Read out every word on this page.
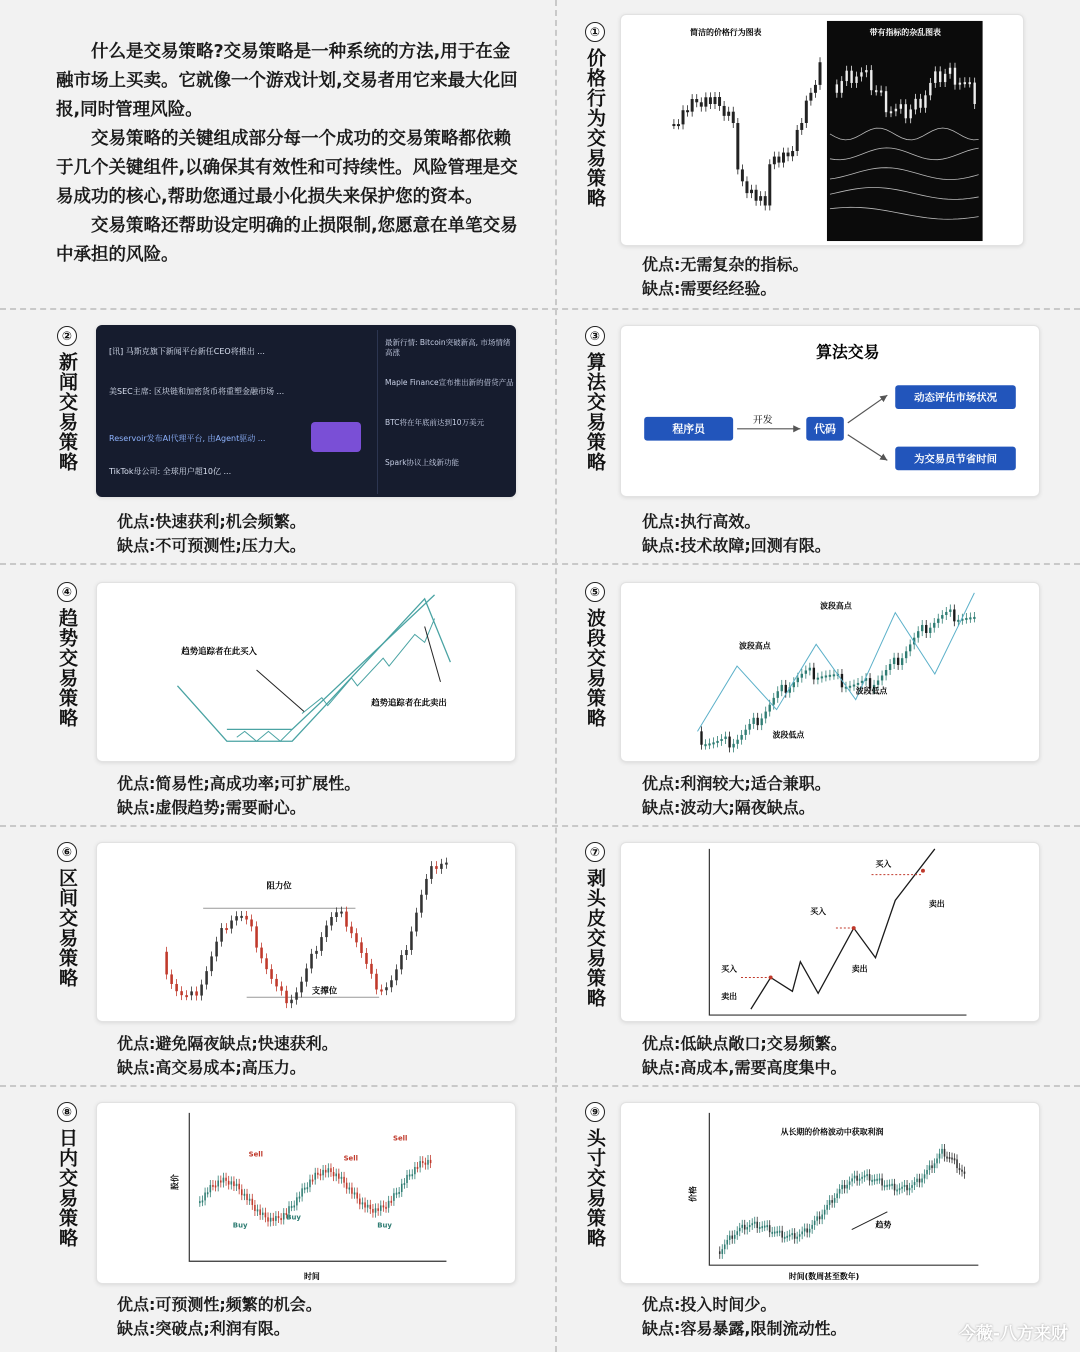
什么是交易策略?交易策略是一种系统的方法,用于在金融市场上买卖。它就像一个游戏计划,交易者用它来最大化回报,同时管理风险。

交易策略的关键组成部分每一个成功的交易策略都依赖于几个关键组件,以确保其有效性和可持续性。风险管理是交易成功的核心,帮助您通过最小化损失来保护您的资本。

交易策略还帮助设定明确的止损限制,您愿意在单笔交易中承担的风险。

①
价格行为交易策略
简洁的价格行为图表	带有指标的杂乱图表
优点:无需复杂的指标。
缺点:需要经经验。
②
新闻交易策略
[讯] 马斯克旗下新闻平台新任CEO将推出 ...
美SEC主席: 区块链和加密货币将重塑金融市场 ...
Reservoir发布AI代理平台, 由Agent驱动 ...
TikTok母公司: 全球用户超10亿 ...
最新行情: Bitcoin突破新高, 市场情绪高涨
Maple Finance宣布推出新的借贷产品
BTC将在年底前达到10万美元
Spark协议上线新功能
优点:快速获利;机会频繁。
缺点:不可预测性;压力大。
③
算法交易策略	算法交易
程序员
开发
代码
动态评估市场状况
为交易员节省时间
优点:执行高效。
缺点:技术故障;回测有限。
④
趋势交易策略	趋势追踪者在此买入
趋势追踪者在此卖出
优点:简易性;高成功率;可扩展性。
缺点:虚假趋势;需要耐心。
⑤
波段交易策略	波段高点
波段高点
波段低点
波段低点
优点:利润较大;适合兼职。
缺点:波动大;隔夜缺点。
⑥
区间交易策略	阻力位
支撑位
优点:避免隔夜缺点;快速获利。
缺点:高交易成本;高压力。
⑦
剥头皮交易策略	买入
卖出
买入
卖出
买入
卖出
优点:低缺点敞口;交易频繁。
缺点:高成本,需要高度集中。
⑧
日内交易策略	股价
时间
Sell	Sell
Sell
Buy
Buy
Buy
优点:可预测性;频繁的机会。
缺点:突破点;利润有限。
⑨
头寸交易策略	从长期的价格波动中获取利润
价格
时间(数周甚至数年)
趋势
优点:投入时间少。
缺点:容易暴露,限制流动性。	今薇-八方来财
